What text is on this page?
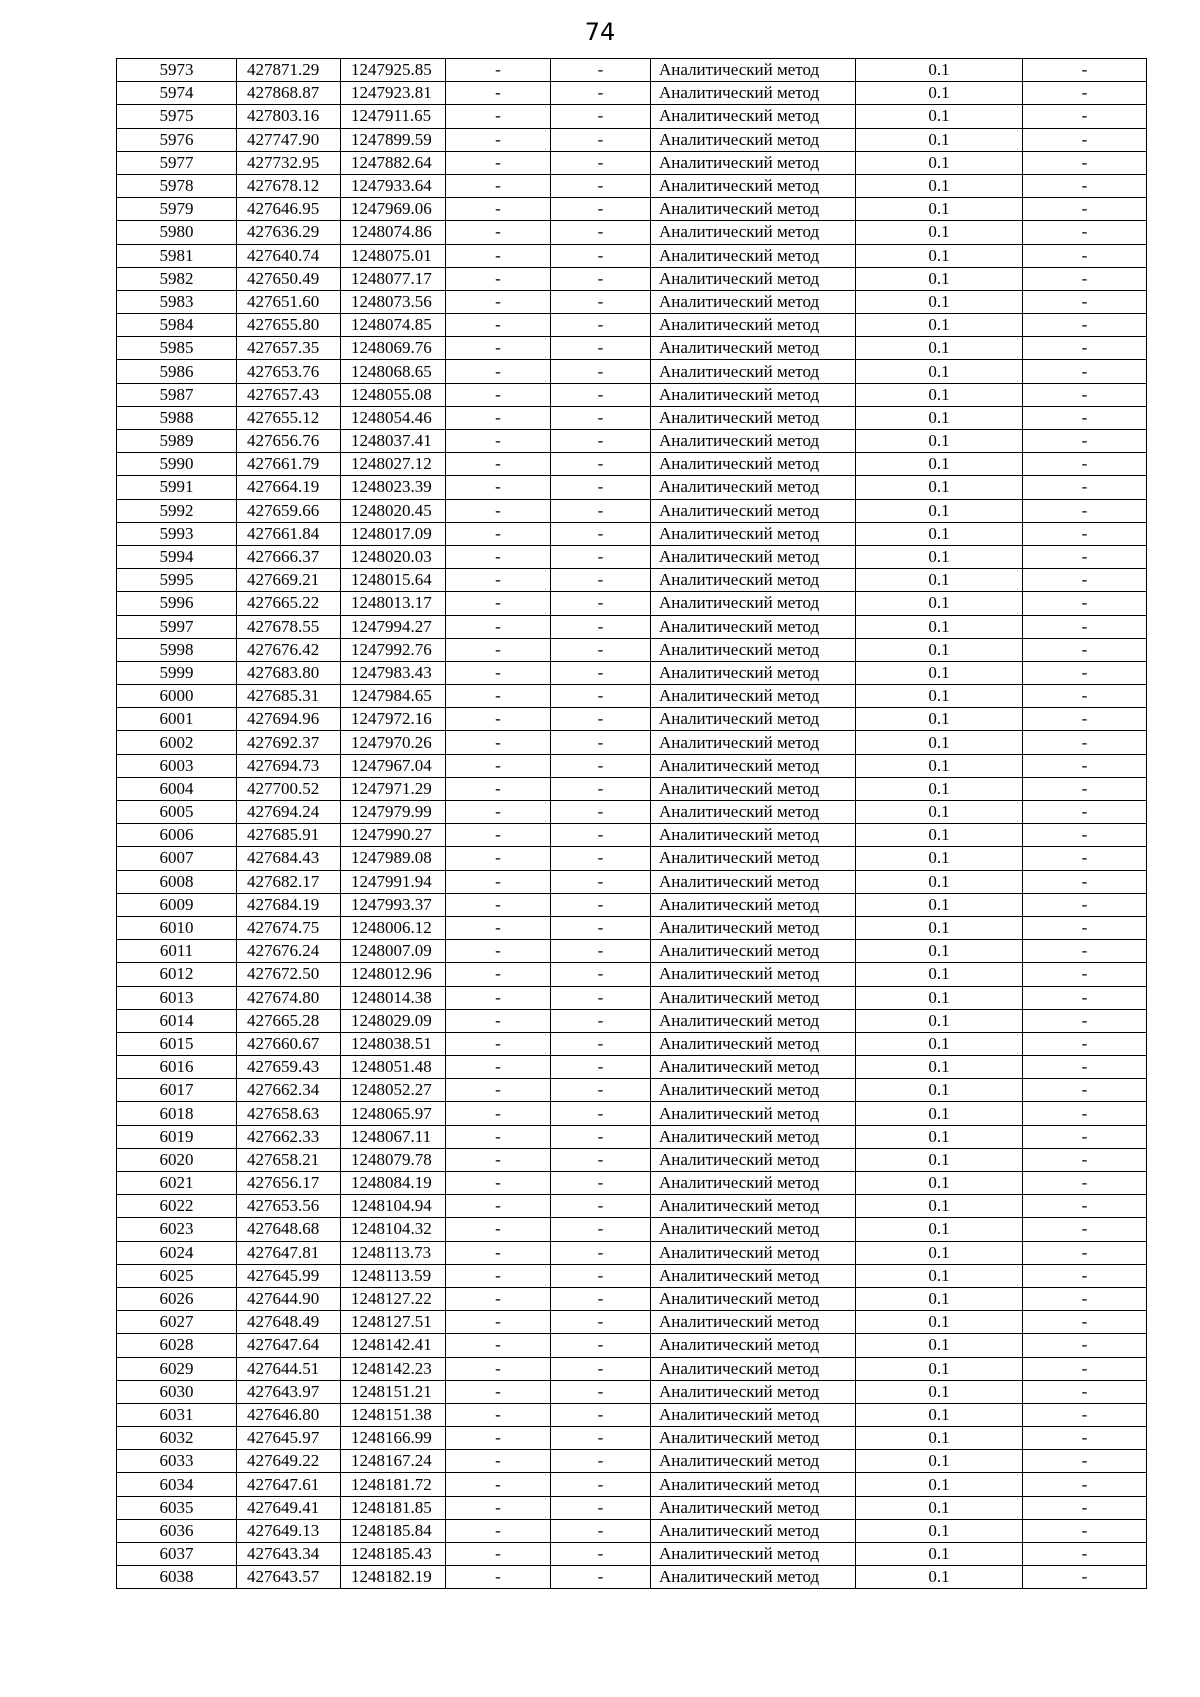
74
5973	427871.29	1247925.85	-	-	Аналитический метод	0.1	-
5974	427868.87	1247923.81	-	-	Аналитический метод	0.1	-
5975	427803.16	1247911.65	-	-	Аналитический метод	0.1	-
5976	427747.90	1247899.59	-	-	Аналитический метод	0.1	-
5977	427732.95	1247882.64	-	-	Аналитический метод	0.1	-
5978	427678.12	1247933.64	-	-	Аналитический метод	0.1	-
5979	427646.95	1247969.06	-	-	Аналитический метод	0.1	-
5980	427636.29	1248074.86	-	-	Аналитический метод	0.1	-
5981	427640.74	1248075.01	-	-	Аналитический метод	0.1	-
5982	427650.49	1248077.17	-	-	Аналитический метод	0.1	-
5983	427651.60	1248073.56	-	-	Аналитический метод	0.1	-
5984	427655.80	1248074.85	-	-	Аналитический метод	0.1	-
5985	427657.35	1248069.76	-	-	Аналитический метод	0.1	-
5986	427653.76	1248068.65	-	-	Аналитический метод	0.1	-
5987	427657.43	1248055.08	-	-	Аналитический метод	0.1	-
5988	427655.12	1248054.46	-	-	Аналитический метод	0.1	-
5989	427656.76	1248037.41	-	-	Аналитический метод	0.1	-
5990	427661.79	1248027.12	-	-	Аналитический метод	0.1	-
5991	427664.19	1248023.39	-	-	Аналитический метод	0.1	-
5992	427659.66	1248020.45	-	-	Аналитический метод	0.1	-
5993	427661.84	1248017.09	-	-	Аналитический метод	0.1	-
5994	427666.37	1248020.03	-	-	Аналитический метод	0.1	-
5995	427669.21	1248015.64	-	-	Аналитический метод	0.1	-
5996	427665.22	1248013.17	-	-	Аналитический метод	0.1	-
5997	427678.55	1247994.27	-	-	Аналитический метод	0.1	-
5998	427676.42	1247992.76	-	-	Аналитический метод	0.1	-
5999	427683.80	1247983.43	-	-	Аналитический метод	0.1	-
6000	427685.31	1247984.65	-	-	Аналитический метод	0.1	-
6001	427694.96	1247972.16	-	-	Аналитический метод	0.1	-
6002	427692.37	1247970.26	-	-	Аналитический метод	0.1	-
6003	427694.73	1247967.04	-	-	Аналитический метод	0.1	-
6004	427700.52	1247971.29	-	-	Аналитический метод	0.1	-
6005	427694.24	1247979.99	-	-	Аналитический метод	0.1	-
6006	427685.91	1247990.27	-	-	Аналитический метод	0.1	-
6007	427684.43	1247989.08	-	-	Аналитический метод	0.1	-
6008	427682.17	1247991.94	-	-	Аналитический метод	0.1	-
6009	427684.19	1247993.37	-	-	Аналитический метод	0.1	-
6010	427674.75	1248006.12	-	-	Аналитический метод	0.1	-
6011	427676.24	1248007.09	-	-	Аналитический метод	0.1	-
6012	427672.50	1248012.96	-	-	Аналитический метод	0.1	-
6013	427674.80	1248014.38	-	-	Аналитический метод	0.1	-
6014	427665.28	1248029.09	-	-	Аналитический метод	0.1	-
6015	427660.67	1248038.51	-	-	Аналитический метод	0.1	-
6016	427659.43	1248051.48	-	-	Аналитический метод	0.1	-
6017	427662.34	1248052.27	-	-	Аналитический метод	0.1	-
6018	427658.63	1248065.97	-	-	Аналитический метод	0.1	-
6019	427662.33	1248067.11	-	-	Аналитический метод	0.1	-
6020	427658.21	1248079.78	-	-	Аналитический метод	0.1	-
6021	427656.17	1248084.19	-	-	Аналитический метод	0.1	-
6022	427653.56	1248104.94	-	-	Аналитический метод	0.1	-
6023	427648.68	1248104.32	-	-	Аналитический метод	0.1	-
6024	427647.81	1248113.73	-	-	Аналитический метод	0.1	-
6025	427645.99	1248113.59	-	-	Аналитический метод	0.1	-
6026	427644.90	1248127.22	-	-	Аналитический метод	0.1	-
6027	427648.49	1248127.51	-	-	Аналитический метод	0.1	-
6028	427647.64	1248142.41	-	-	Аналитический метод	0.1	-
6029	427644.51	1248142.23	-	-	Аналитический метод	0.1	-
6030	427643.97	1248151.21	-	-	Аналитический метод	0.1	-
6031	427646.80	1248151.38	-	-	Аналитический метод	0.1	-
6032	427645.97	1248166.99	-	-	Аналитический метод	0.1	-
6033	427649.22	1248167.24	-	-	Аналитический метод	0.1	-
6034	427647.61	1248181.72	-	-	Аналитический метод	0.1	-
6035	427649.41	1248181.85	-	-	Аналитический метод	0.1	-
6036	427649.13	1248185.84	-	-	Аналитический метод	0.1	-
6037	427643.34	1248185.43	-	-	Аналитический метод	0.1	-
6038	427643.57	1248182.19	-	-	Аналитический метод	0.1	-
